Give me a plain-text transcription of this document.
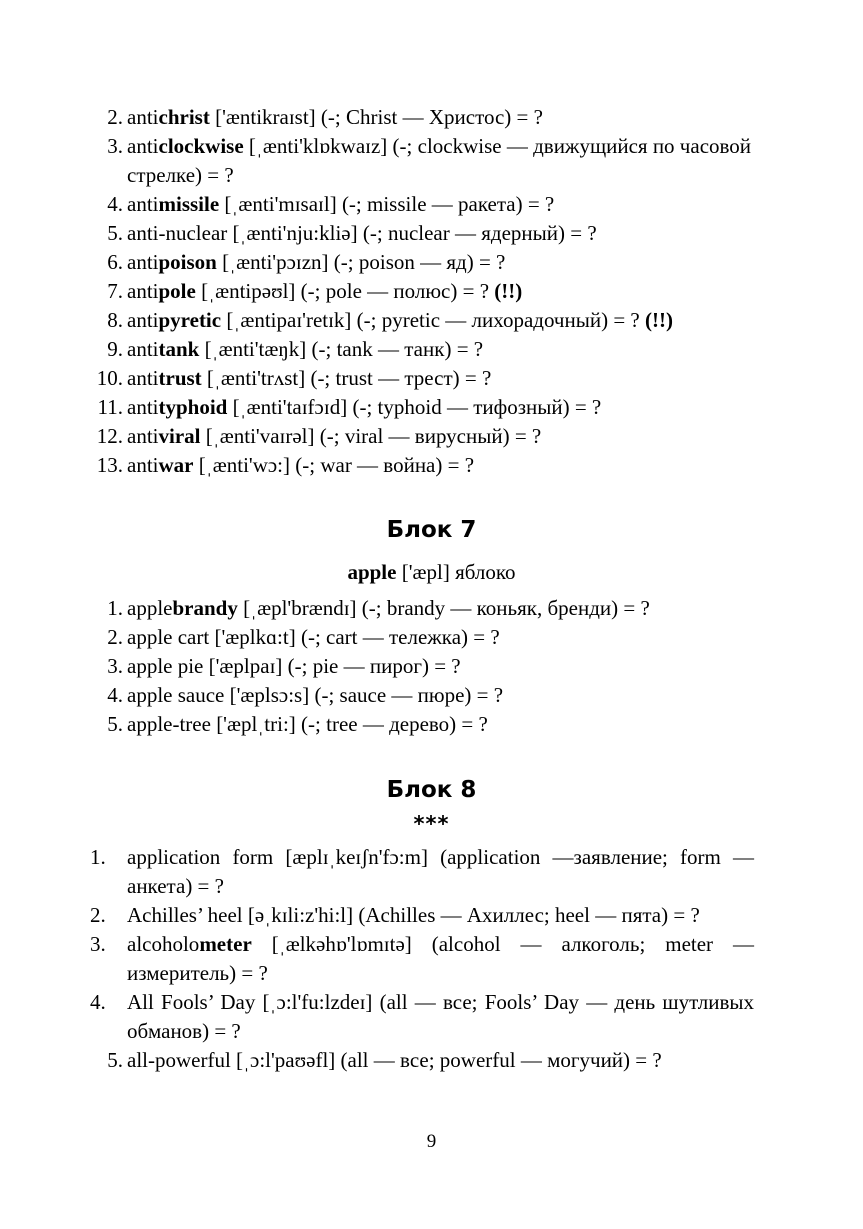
2. antichrist ['æntikraɪst] (-; Christ — Христос) = ?
3. anticlockwise [ˌænti'klɒkwaɪz] (-; clockwise — движущийся по часовой стрелке) = ?
4. antimissile [ˌænti'mɪsaɪl] (-; missile — ракета) = ?
5. anti-nuclear [ˌænti'nju:kliə] (-; nuclear — ядерный) = ?
6. antipoison [ˌænti'pɔɪzn] (-; poison — яд) = ?
7. antipole [ˌæntipəʊl] (-; pole — полюс) = ? (!!)
8. antipyretic [ˌæntipaɪ'retɪk] (-; pyretic — лихорадочный) = ? (!!)
9. antitank [ˌænti'tæŋk] (-; tank — танк) = ?
10. antitrust [ˌænti'trʌst] (-; trust — трест) = ?
11. antityphoid [ˌænti'taɪfɔɪd] (-; typhoid — тифозный) = ?
12. antiviral [ˌænti'vaɪrəl] (-; viral — вирусный) = ?
13. antiwar [ˌænti'wɔ:] (-; war — война) = ?
Блок 7
apple ['æpl] яблоко
1. applebrandy [ˌæpl'brændɪ] (-; brandy — коньяк, бренди) = ?
2. apple cart ['æplkɑ:t] (-; cart — тележка) = ?
3. apple pie ['æplpaɪ] (-; pie — пирог) = ?
4. apple sauce ['æplsɔ:s] (-; sauce — пюре) = ?
5. apple-tree ['æplˌtri:] (-; tree — дерево) = ?
Блок 8
***
1.	application form [æplɪˌkeɪʃn'fɔ:m] (application —заявление; form — анкета) = ?
2.	Achilles’ heel [əˌkɪli:z'hi:l] (Achilles — Ахиллес; heel — пята) = ?
3.	alcoholometer [ˌælkəhɒ'lɒmɪtə] (alcohol — алкоголь; meter — измеритель) = ?
4.	All Fools’ Day [ˌɔ:l'fu:lzdeɪ] (all — все; Fools’ Day — день шутливых обманов) = ?
5. all-powerful [ˌɔ:l'paʊəfl] (all — все; powerful — могучий) = ?
9
